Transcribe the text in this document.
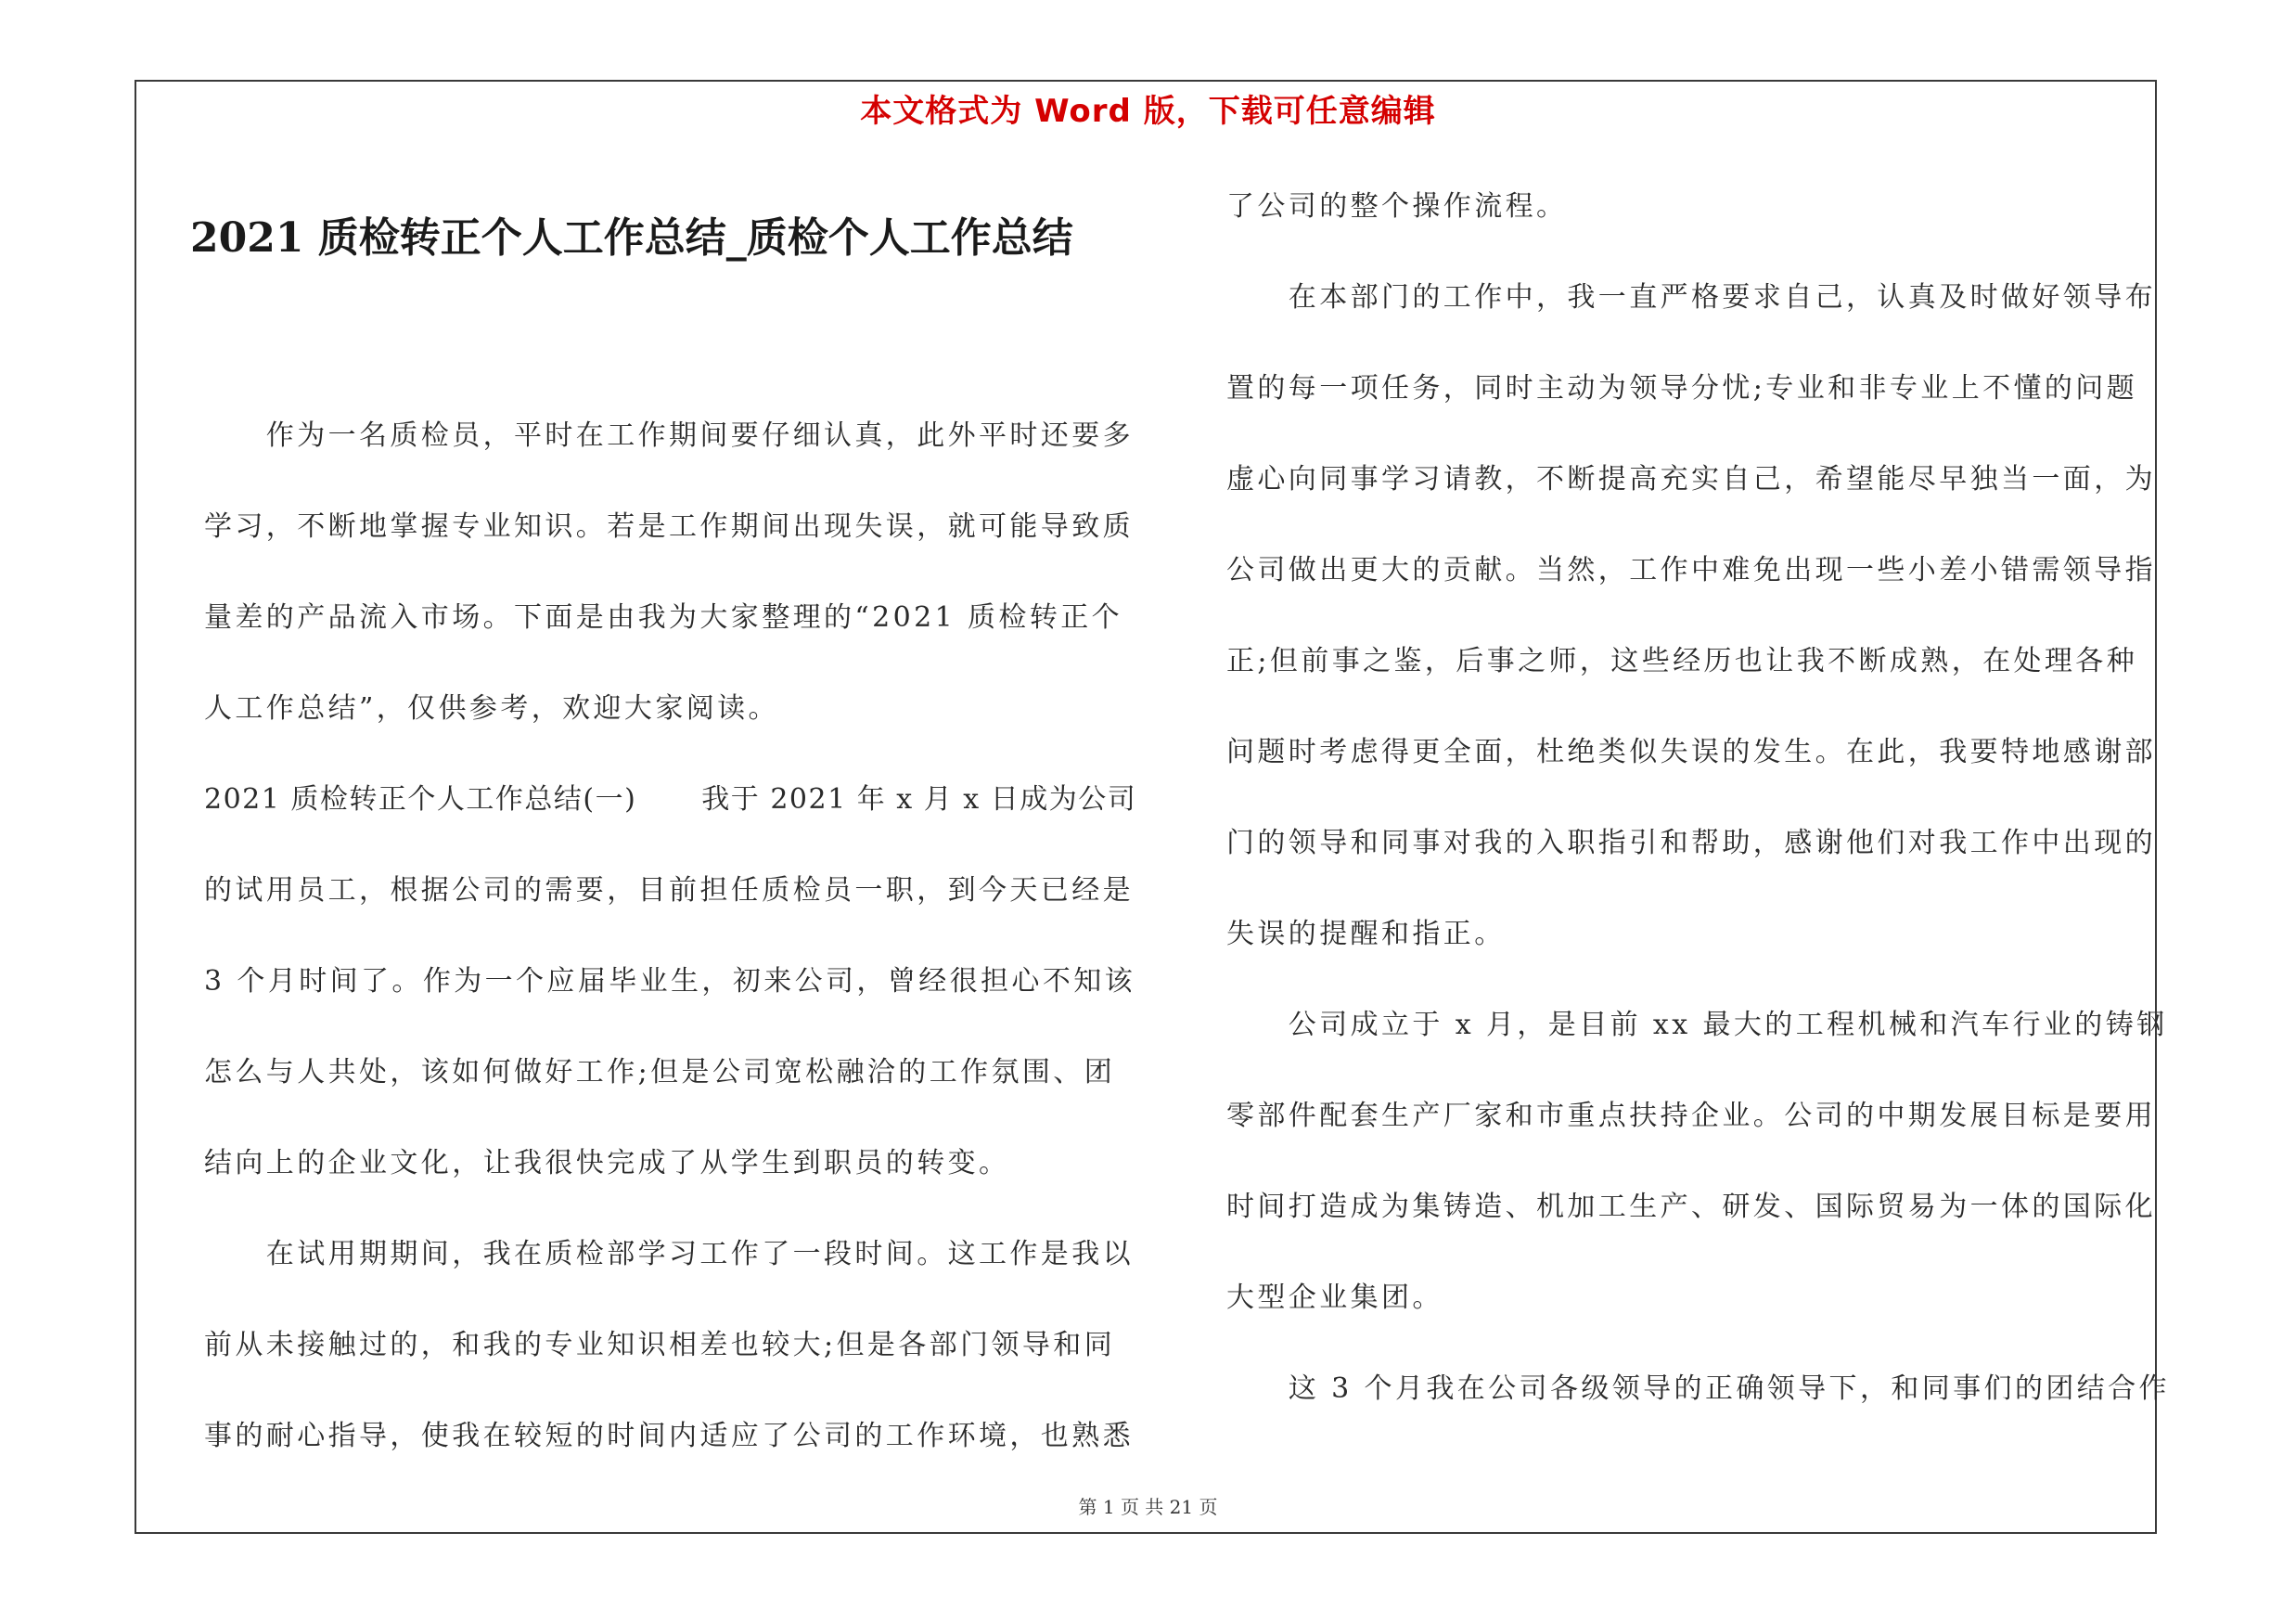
本文格式为 Word 版，下载可任意编辑
2021 质检转正个人工作总结_质检个人工作总结
　　作为一名质检员，平时在工作期间要仔细认真，此外平时还要多
学习，不断地掌握专业知识。若是工作期间出现失误，就可能导致质
量差的产品流入市场。下面是由我为大家整理的“2021 质检转正个
人工作总结”，仅供参考，欢迎大家阅读。
2021 质检转正个人工作总结(一) 我于 2021 年 x 月 x 日成为公司
的试用员工，根据公司的需要，目前担任质检员一职，到今天已经是
3 个月时间了。作为一个应届毕业生，初来公司，曾经很担心不知该
怎么与人共处，该如何做好工作;但是公司宽松融洽的工作氛围、团
结向上的企业文化，让我很快完成了从学生到职员的转变。
　　在试用期期间，我在质检部学习工作了一段时间。这工作是我以
前从未接触过的，和我的专业知识相差也较大;但是各部门领导和同
事的耐心指导，使我在较短的时间内适应了公司的工作环境，也熟悉
了公司的整个操作流程。
　　在本部门的工作中，我一直严格要求自己，认真及时做好领导布
置的每一项任务，同时主动为领导分忧;专业和非专业上不懂的问题
虚心向同事学习请教，不断提高充实自己，希望能尽早独当一面，为
公司做出更大的贡献。当然，工作中难免出现一些小差小错需领导指
正;但前事之鉴，后事之师，这些经历也让我不断成熟，在处理各种
问题时考虑得更全面，杜绝类似失误的发生。在此，我要特地感谢部
门的领导和同事对我的入职指引和帮助，感谢他们对我工作中出现的
失误的提醒和指正。
　　公司成立于 x 月，是目前 xx 最大的工程机械和汽车行业的铸钢
零部件配套生产厂家和市重点扶持企业。公司的中期发展目标是要用
时间打造成为集铸造、机加工生产、研发、国际贸易为一体的国际化
大型企业集团。
　　这 3 个月我在公司各级领导的正确领导下，和同事们的团结合作
第 1 页 共 21 页
